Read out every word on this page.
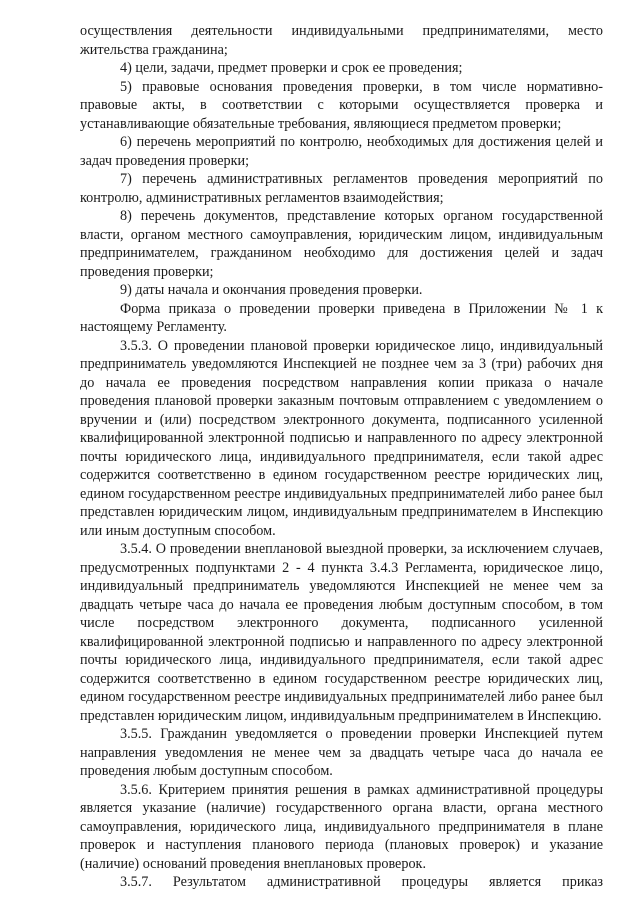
осуществления деятельности индивидуальными предпринимателями, место жительства гражданина;

4) цели, задачи, предмет проверки и срок ее проведения;

5) правовые основания проведения проверки, в том числе нормативно-правовые акты, в соответствии с которыми осуществляется проверка и устанавливающие обязательные требования, являющиеся предметом проверки;

6) перечень мероприятий по контролю, необходимых для достижения целей и задач проведения проверки;

7) перечень административных регламентов проведения мероприятий по контролю, административных регламентов взаимодействия;

8) перечень документов, представление которых органом государственной власти, органом местного самоуправления, юридическим лицом, индивидуальным предпринимателем, гражданином необходимо для достижения целей и задач проведения проверки;

9) даты начала и окончания проведения проверки.

Форма приказа о проведении проверки приведена в Приложении № 1 к настоящему Регламенту.

3.5.3. О проведении плановой проверки юридическое лицо, индивидуальный предприниматель уведомляются Инспекцией не позднее чем за 3 (три) рабочих дня до начала ее проведения посредством направления копии приказа о начале проведения плановой проверки заказным почтовым отправлением с уведомлением о вручении и (или) посредством электронного документа, подписанного усиленной квалифицированной электронной подписью и направленного по адресу электронной почты юридического лица, индивидуального предпринимателя, если такой адрес содержится соответственно в едином государственном реестре юридических лиц, едином государственном реестре индивидуальных предпринимателей либо ранее был представлен юридическим лицом, индивидуальным предпринимателем в Инспекцию или иным доступным способом.

3.5.4. О проведении внеплановой выездной проверки, за исключением случаев, предусмотренных подпунктами 2 - 4 пункта 3.4.3 Регламента, юридическое лицо, индивидуальный предприниматель уведомляются Инспекцией не менее чем за двадцать четыре часа до начала ее проведения любым доступным способом, в том числе посредством электронного документа, подписанного усиленной квалифицированной электронной подписью и направленного по адресу электронной почты юридического лица, индивидуального предпринимателя, если такой адрес содержится соответственно в едином государственном реестре юридических лиц, едином государственном реестре индивидуальных предпринимателей либо ранее был представлен юридическим лицом, индивидуальным предпринимателем в Инспекцию.

3.5.5. Гражданин уведомляется о проведении проверки Инспекцией путем направления уведомления не менее чем за двадцать четыре часа до начала ее проведения любым доступным способом.

3.5.6. Критерием принятия решения в рамках административной процедуры является указание (наличие) государственного органа власти, органа местного самоуправления, юридического лица, индивидуального предпринимателя в плане проверок и наступления планового периода (плановых проверок) и указание (наличие) оснований проведения внеплановых проверок.

3.5.7. Результатом административной процедуры является приказ
